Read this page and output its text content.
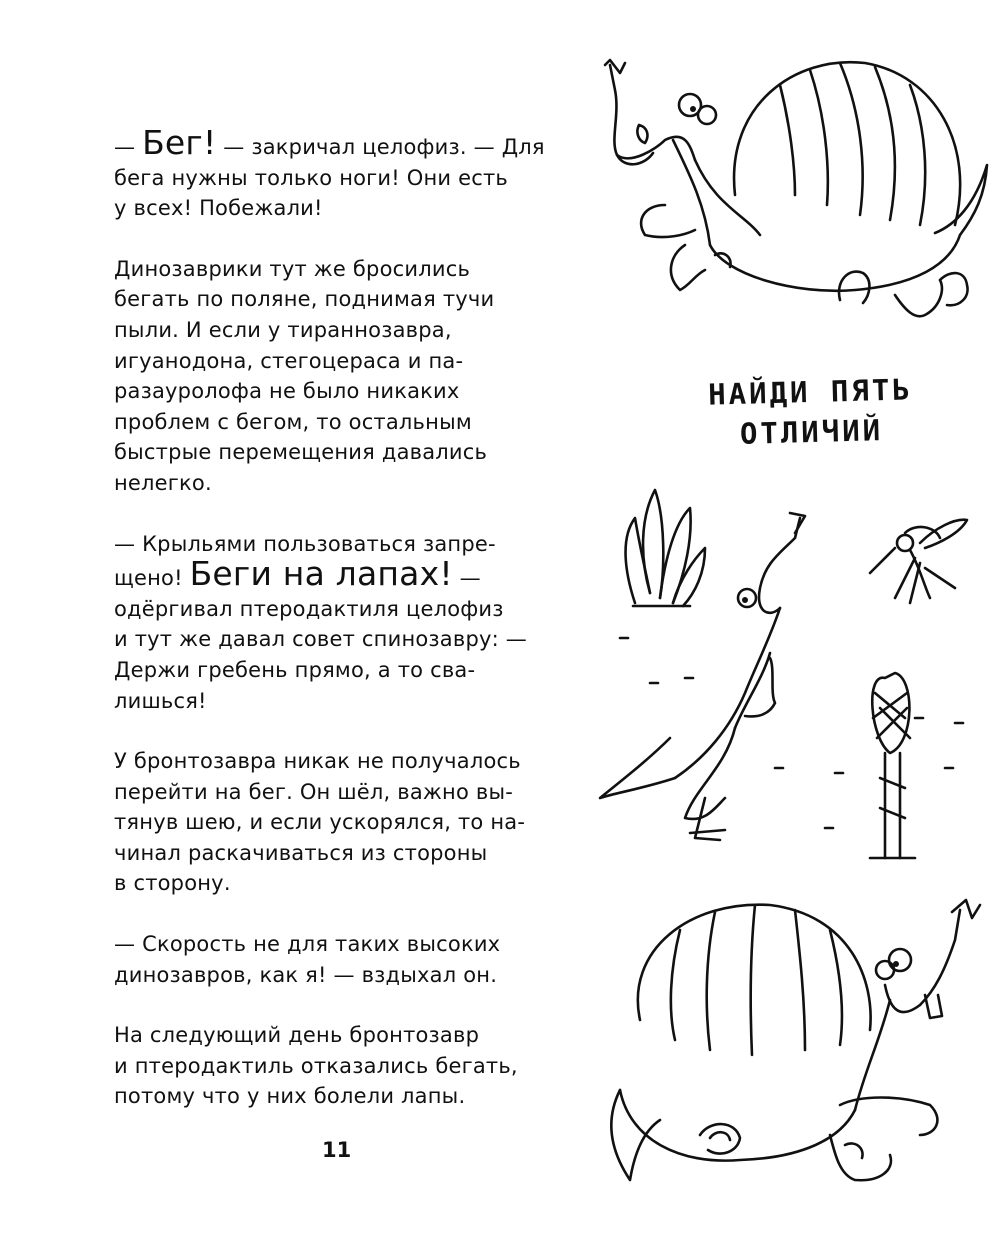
— Бег! — закричал целофиз. — Для
бега нужны только ноги! Они есть
у всех! Побежали!
Динозаврики тут же бросились
бегать по поляне, поднимая тучи
пыли. И если у тираннозавра,
игуанодона, стегоцераса и па-
разауролофа не было никаких
проблем с бегом, то остальным
быстрые перемещения давались
нелегко.
— Крыльями пользоваться запре-
щено! Беги на лапах! —
одёргивал птеродактиля целофиз
и тут же давал совет спинозавру: —
Держи гребень прямо, а то сва-
лишься!
У бронтозавра никак не получалось
перейти на бег. Он шёл, важно вы-
тянув шею, и если ускорялся, то на-
чинал раскачиваться из стороны
в сторону.
— Скорость не для таких высоких
динозавров, как я! — вздыхал он.
На следующий день бронтозавр
и птеродактиль отказались бегать,
потому что у них болели лапы.
11
НАЙДИ ПЯТЬ
ОТЛИЧИЙ
